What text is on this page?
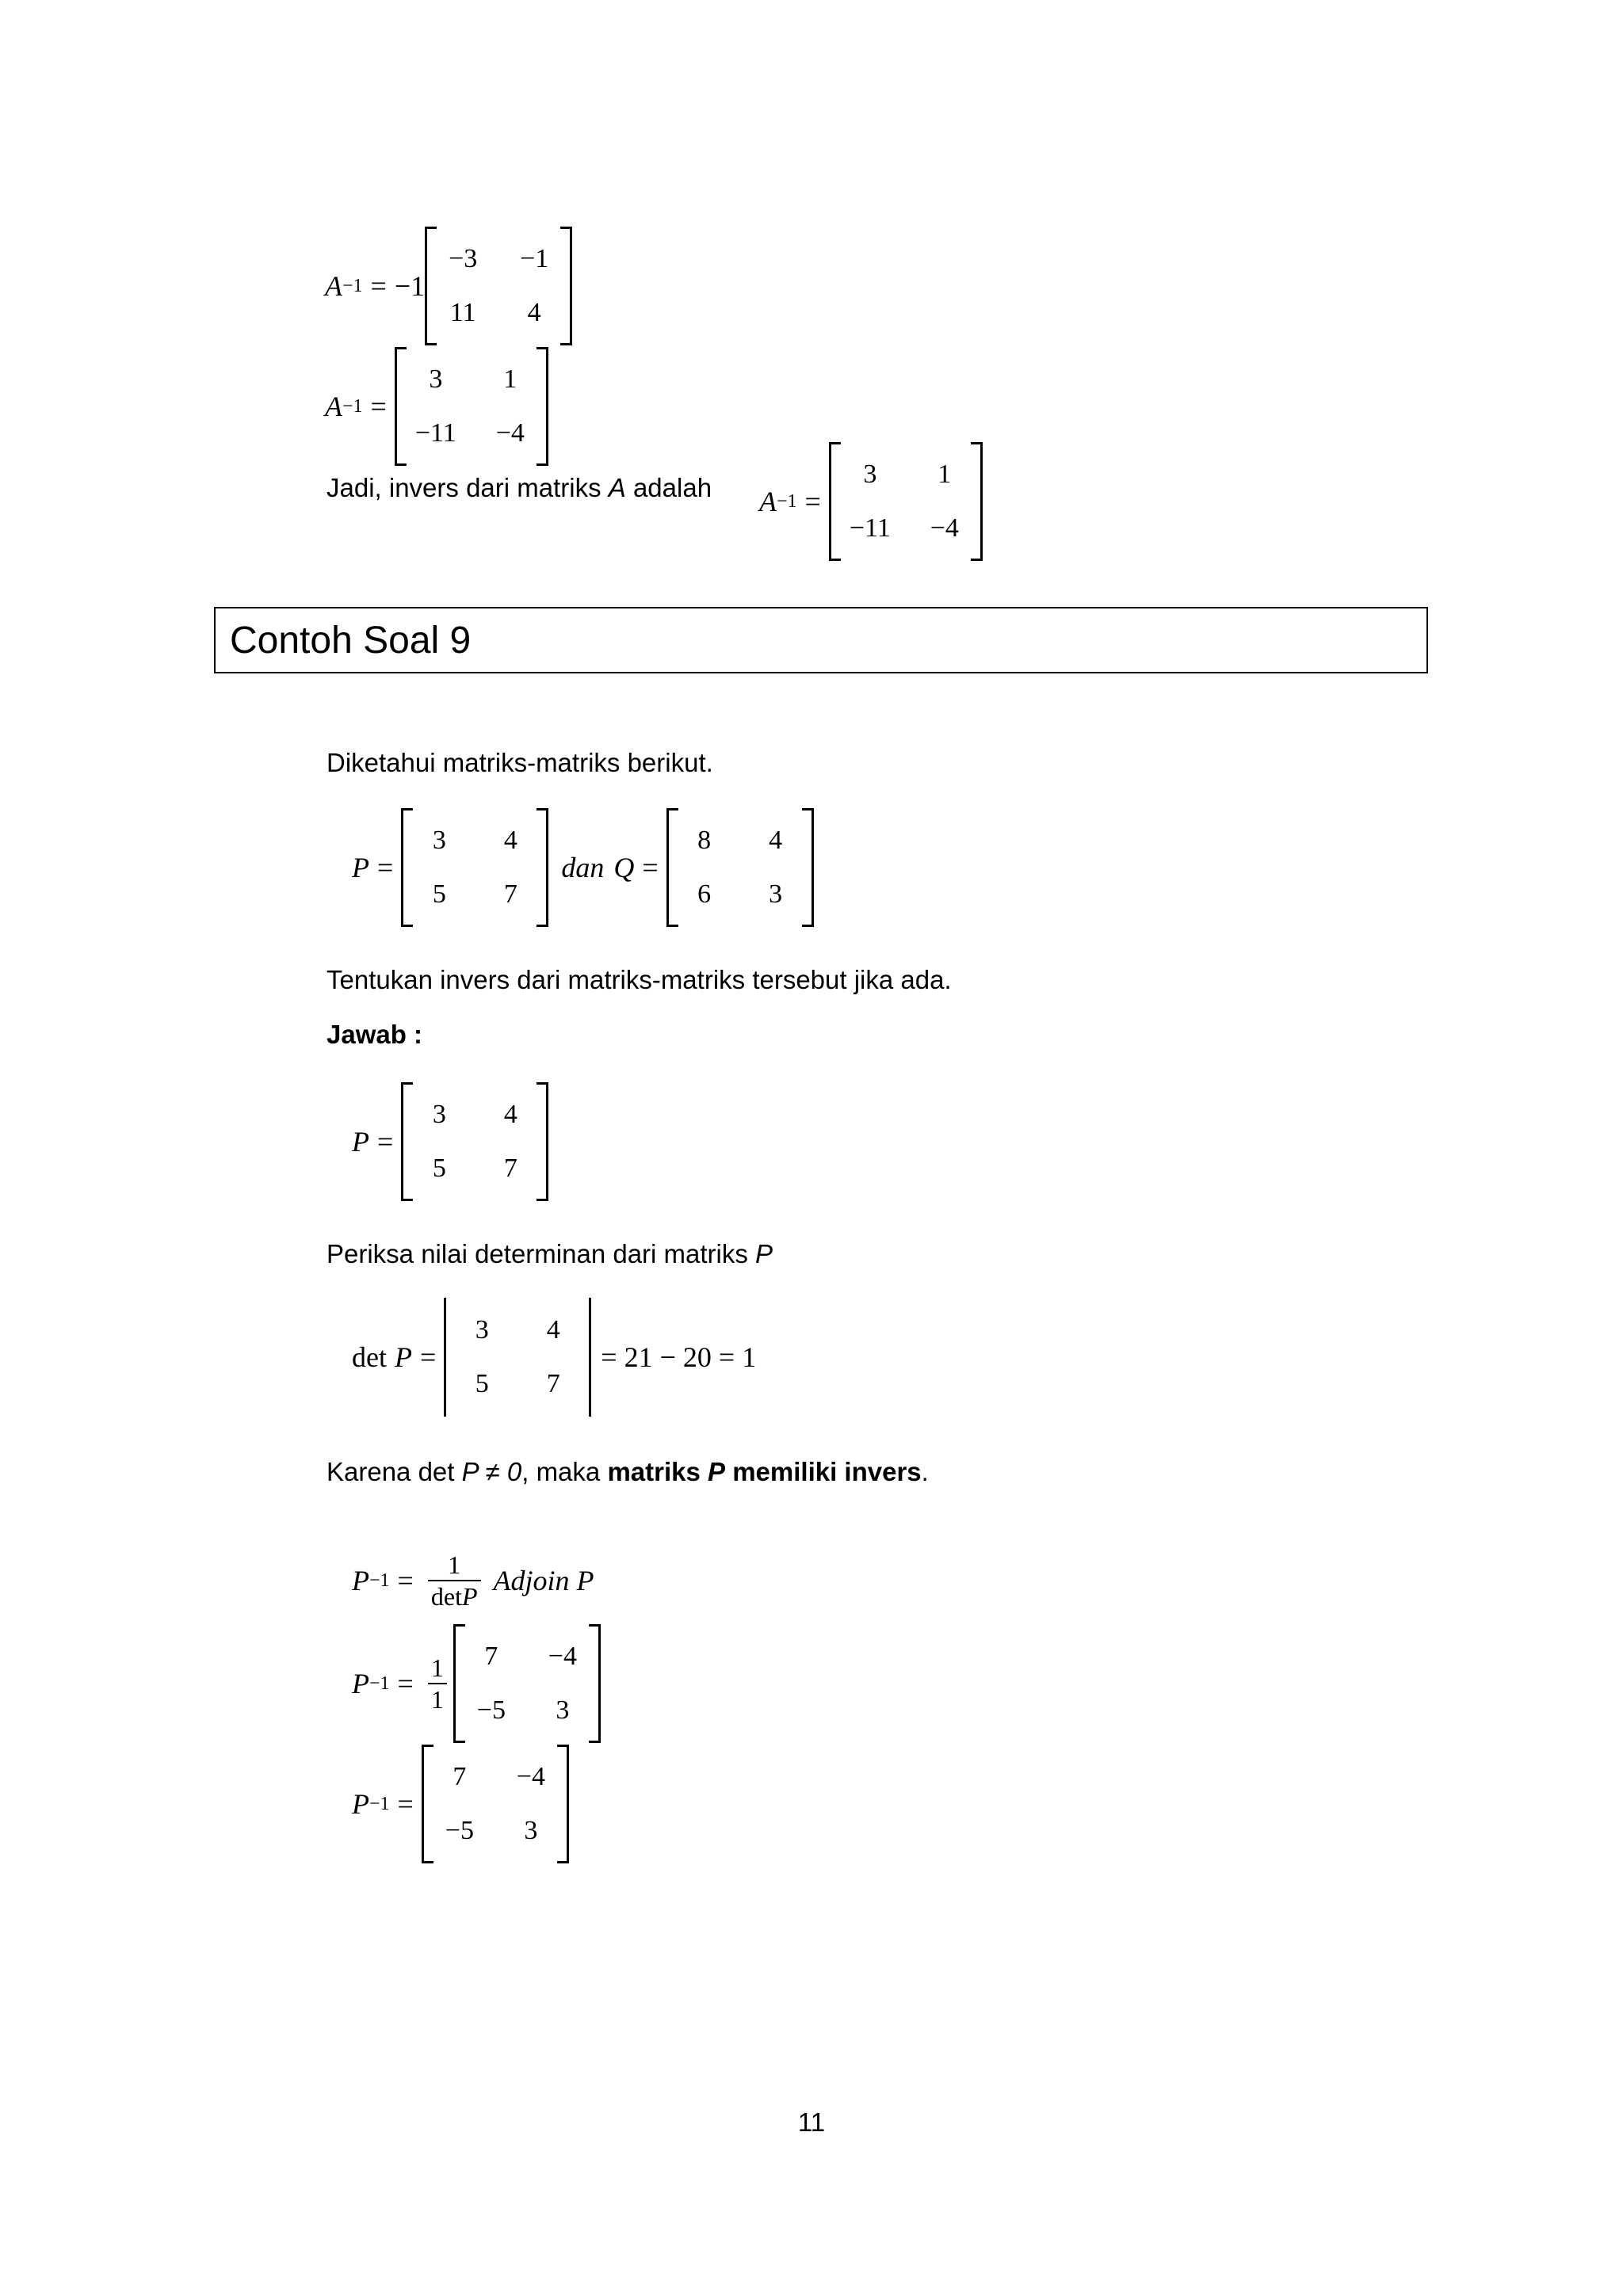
A −1 = −1
−3 −1
11	4
A −1 =
3	1
−11 −4
Jadi, invers dari matriks A adalah A −1 =
3	1
−11 −4
Contoh Soal 9
Diketahui matriks-matriks berikut.
P =
3	4
5	7
dan Q =
8	4
6	3
Tentukan invers dari matriks-matriks tersebut jika ada.
Jawab :
P =
3	4
5	7
Periksa nilai determinan dari matriks P
det P =
3	4
5	7
= 21 − 20 = 1
Karena det P ≠ 0, maka matriks P memiliki invers.
$P -1 = \frac{1}{\det P}$ Adjoin P
$P -1 = \frac{1}{1}$	7	−4
−5	3
P −1 =
7	−4
−5	3
11
